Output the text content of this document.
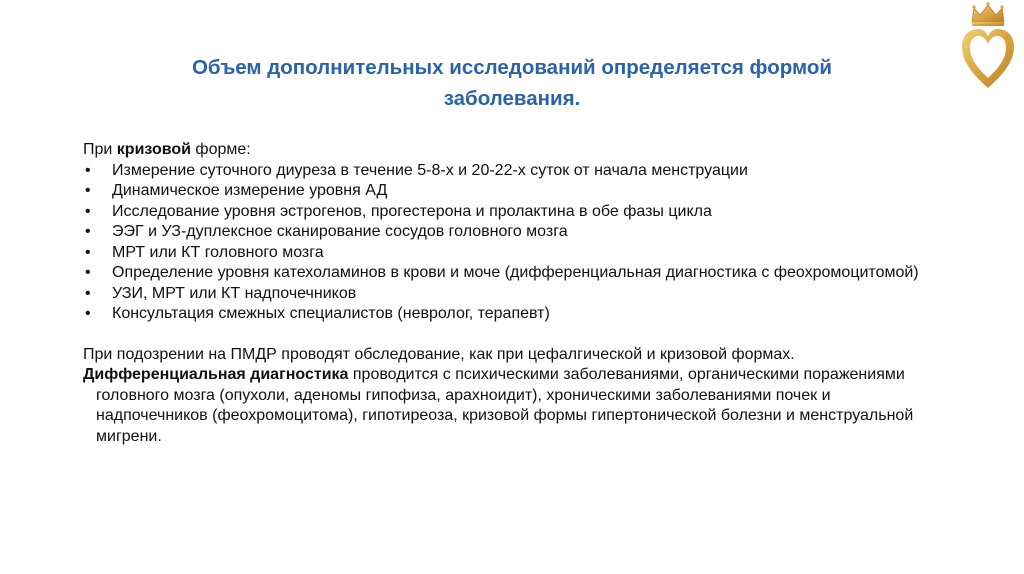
Объем дополнительных исследований определяется формой
заболевания.

При кризовой форме:

• Измерение суточного диуреза в течение 5-8-х и 20-22-х суток от начала менструации
• Динамическое измерение уровня АД
• Исследование уровня эстрогенов, прогестерона и пролактина в обе фазы цикла
• ЭЭГ и УЗ-дуплексное сканирование сосудов головного мозга
• МРТ или КТ головного мозга
• Определение уровня катехоламинов в крови и моче (дифференциальная диагностика с феохромоцитомой)
• УЗИ, МРТ или КТ надпочечников
• Консультация смежных специалистов (невролог, терапевт)

При подозрении на ПМДР проводят обследование, как при цефалгической и кризовой формах.

Дифференциальная диагностика проводится с психическими заболеваниями, органическими поражениями головного мозга (опухоли, аденомы гипофиза, арахноидит), хроническими заболеваниями почек и надпочечников (феохромоцитома), гипотиреоза, кризовой формы гипертонической болезни и менструальной мигрени.
